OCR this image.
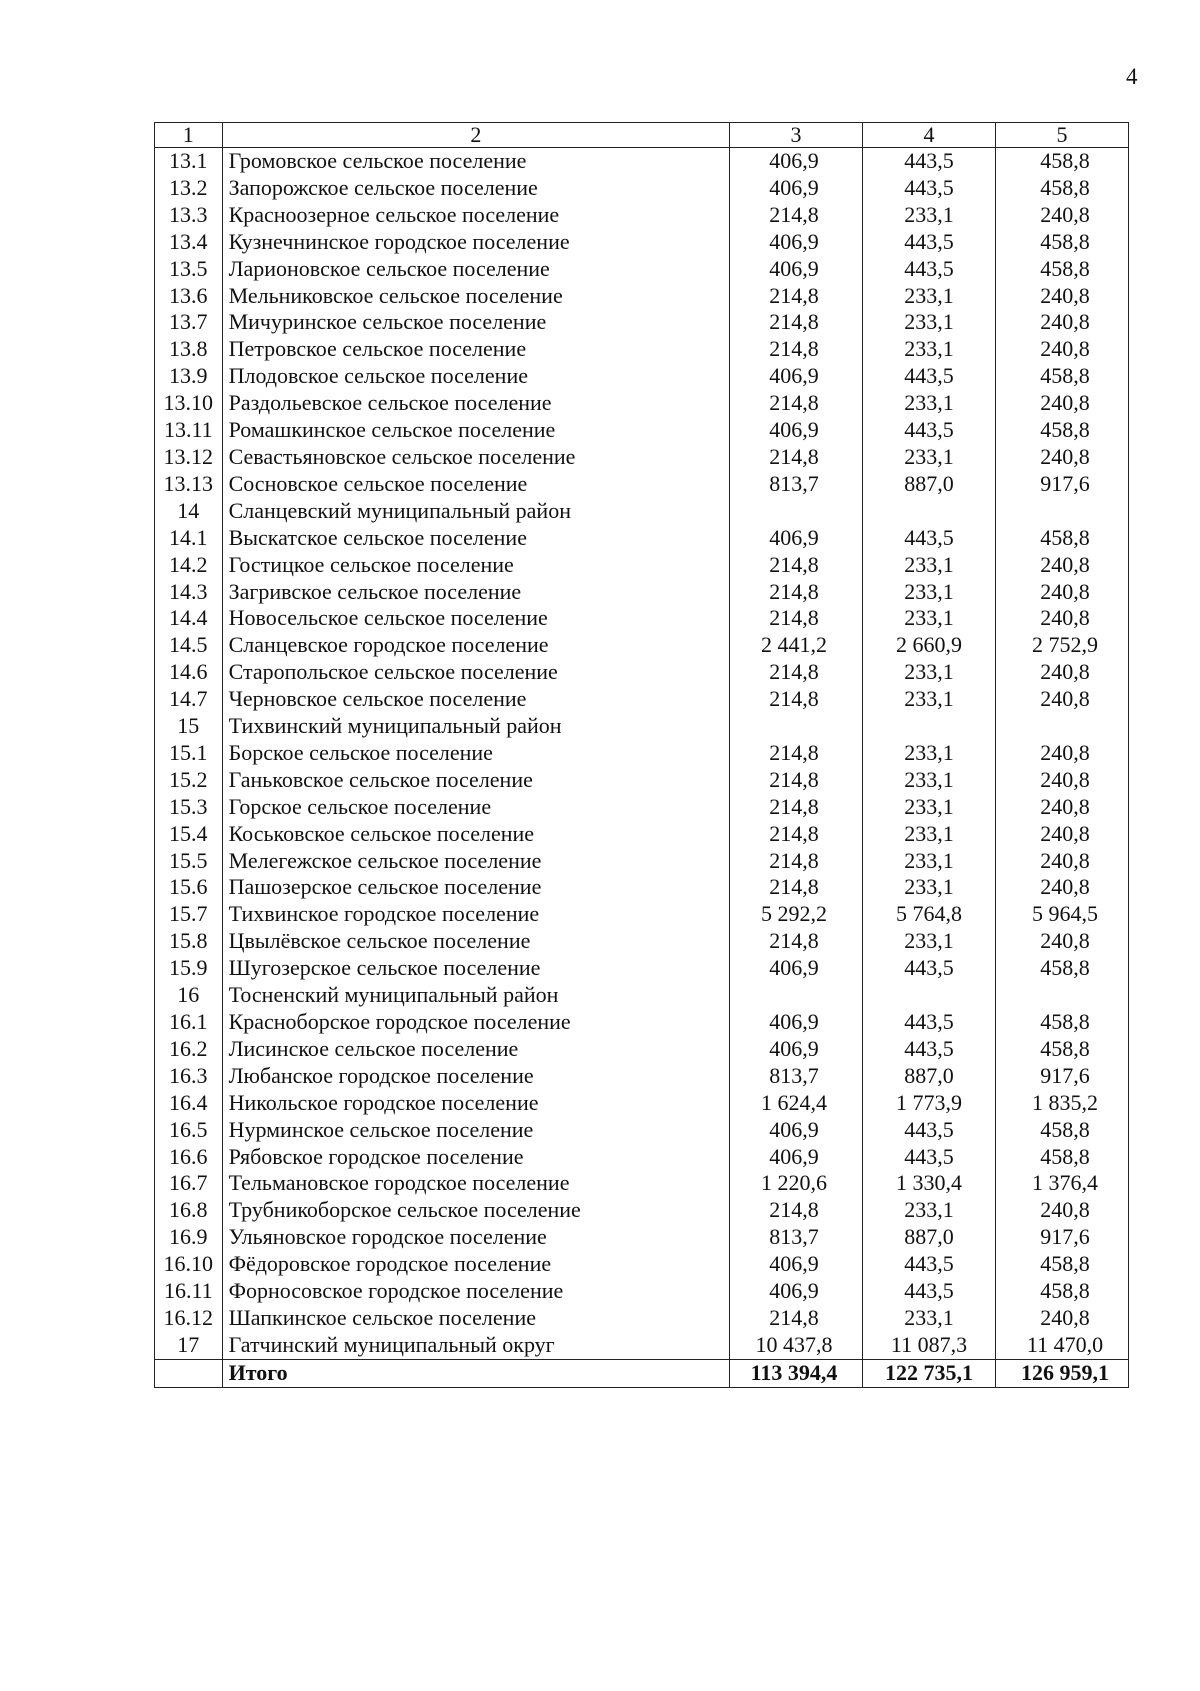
4
1	2	3	4	5
13.1	Громовское сельское поселение	406,9	443,5	458,8
13.2	Запорожское сельское поселение	406,9	443,5	458,8
13.3	Красноозерное сельское поселение	214,8	233,1	240,8
13.4	Кузнечнинское городское поселение	406,9	443,5	458,8
13.5	Ларионовское сельское поселение	406,9	443,5	458,8
13.6	Мельниковское сельское поселение	214,8	233,1	240,8
13.7	Мичуринское сельское поселение	214,8	233,1	240,8
13.8	Петровское сельское поселение	214,8	233,1	240,8
13.9	Плодовское сельское поселение	406,9	443,5	458,8
13.10	Раздольевское сельское поселение	214,8	233,1	240,8
13.11	Ромашкинское сельское поселение	406,9	443,5	458,8
13.12	Севастьяновское сельское поселение	214,8	233,1	240,8
13.13	Сосновское сельское поселение	813,7	887,0	917,6
14	Сланцевский муниципальный район			
14.1	Выскатское сельское поселение	406,9	443,5	458,8
14.2	Гостицкое сельское поселение	214,8	233,1	240,8
14.3	Загривское сельское поселение	214,8	233,1	240,8
14.4	Новосельское сельское поселение	214,8	233,1	240,8
14.5	Сланцевское городское поселение	2 441,2	2 660,9	2 752,9
14.6	Старопольское сельское поселение	214,8	233,1	240,8
14.7	Черновское сельское поселение	214,8	233,1	240,8
15	Тихвинский муниципальный район			
15.1	Борское сельское поселение	214,8	233,1	240,8
15.2	Ганьковское сельское поселение	214,8	233,1	240,8
15.3	Горское сельское поселение	214,8	233,1	240,8
15.4	Коськовское сельское поселение	214,8	233,1	240,8
15.5	Мелегежское сельское поселение	214,8	233,1	240,8
15.6	Пашозерское сельское поселение	214,8	233,1	240,8
15.7	Тихвинское городское поселение	5 292,2	5 764,8	5 964,5
15.8	Цвылёвское сельское поселение	214,8	233,1	240,8
15.9	Шугозерское сельское поселение	406,9	443,5	458,8
16	Тосненский муниципальный район			
16.1	Красноборское городское поселение	406,9	443,5	458,8
16.2	Лисинское сельское поселение	406,9	443,5	458,8
16.3	Любанское городское поселение	813,7	887,0	917,6
16.4	Никольское городское поселение	1 624,4	1 773,9	1 835,2
16.5	Нурминское сельское поселение	406,9	443,5	458,8
16.6	Рябовское городское поселение	406,9	443,5	458,8
16.7	Тельмановское городское поселение	1 220,6	1 330,4	1 376,4
16.8	Трубникоборское сельское поселение	214,8	233,1	240,8
16.9	Ульяновское городское поселение	813,7	887,0	917,6
16.10	Фёдоровское городское поселение	406,9	443,5	458,8
16.11	Форносовское городское поселение	406,9	443,5	458,8
16.12	Шапкинское сельское поселение	214,8	233,1	240,8
17	Гатчинский муниципальный округ	10 437,8	11 087,3	11 470,0
	Итого	113 394,4	122 735,1	126 959,1
